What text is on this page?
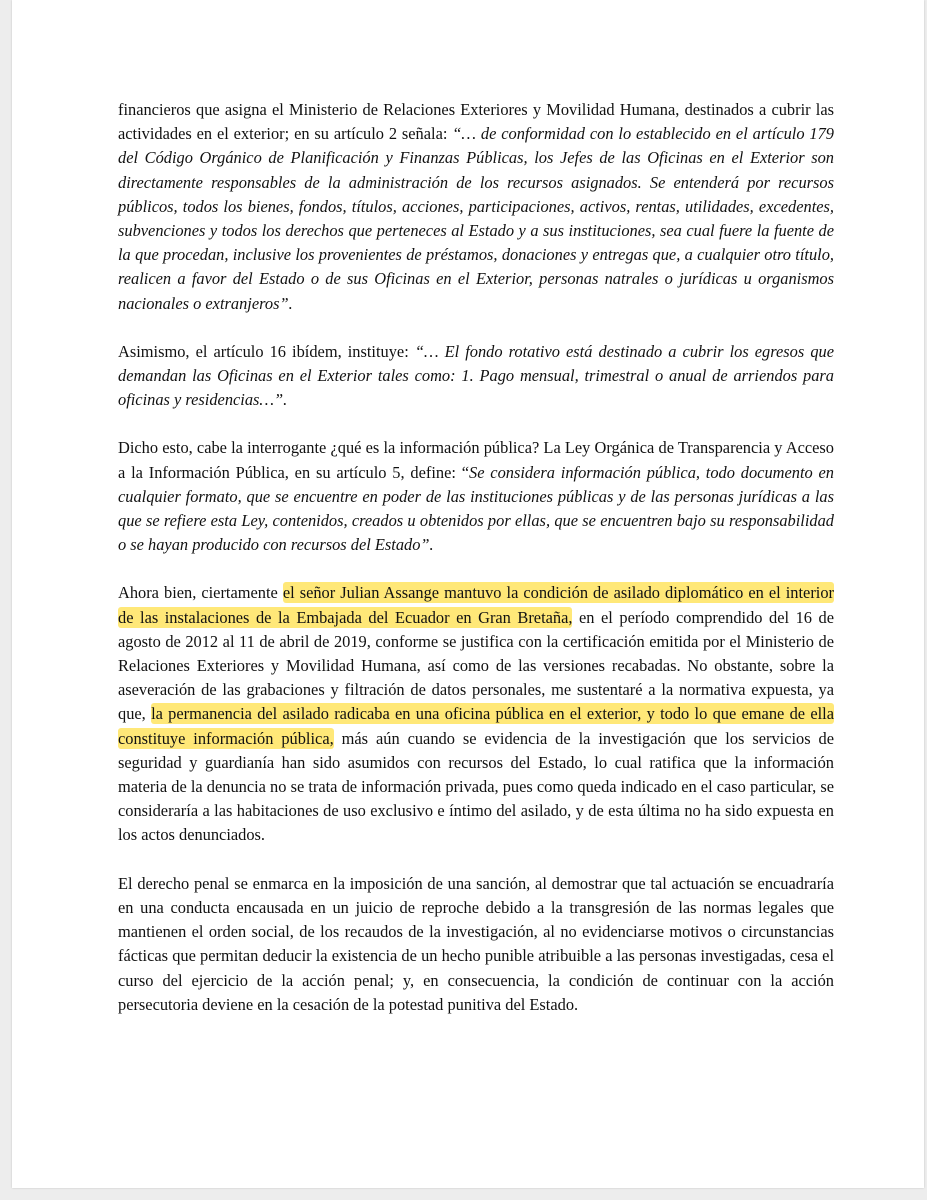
financieros que asigna el Ministerio de Relaciones Exteriores y Movilidad Humana, destinados a cubrir las actividades en el exterior; en su artículo 2 señala: “… de conformidad con lo establecido en el artículo 179 del Código Orgánico de Planificación y Finanzas Públicas, los Jefes de las Oficinas en el Exterior son directamente responsables de la administración de los recursos asignados. Se entenderá por recursos públicos, todos los bienes, fondos, títulos, acciones, participaciones, activos, rentas, utilidades, excedentes, subvenciones y todos los derechos que perteneces al Estado y a sus instituciones, sea cual fuere la fuente de la que procedan, inclusive los provenientes de préstamos, donaciones y entregas que, a cualquier otro título, realicen a favor del Estado o de sus Oficinas en el Exterior, personas natrales o jurídicas u organismos nacionales o extranjeros”.

Asimismo, el artículo 16 ibídem, instituye: “… El fondo rotativo está destinado a cubrir los egresos que demandan las Oficinas en el Exterior tales como: 1. Pago mensual, trimestral o anual de arriendos para oficinas y residencias…”.

Dicho esto, cabe la interrogante ¿qué es la información pública? La Ley Orgánica de Transparencia y Acceso a la Información Pública, en su artículo 5, define: “Se considera información pública, todo documento en cualquier formato, que se encuentre en poder de las instituciones públicas y de las personas jurídicas a las que se refiere esta Ley, contenidos, creados u obtenidos por ellas, que se encuentren bajo su responsabilidad o se hayan producido con recursos del Estado”.

Ahora bien, ciertamente el señor Julian Assange mantuvo la condición de asilado diplomático en el interior de las instalaciones de la Embajada del Ecuador en Gran Bretaña, en el período comprendido del 16 de agosto de 2012 al 11 de abril de 2019, conforme se justifica con la certificación emitida por el Ministerio de Relaciones Exteriores y Movilidad Humana, así como de las versiones recabadas. No obstante, sobre la aseveración de las grabaciones y filtración de datos personales, me sustentaré a la normativa expuesta, ya que, la permanencia del asilado radicaba en una oficina pública en el exterior, y todo lo que emane de ella constituye información pública, más aún cuando se evidencia de la investigación que los servicios de seguridad y guardianía han sido asumidos con recursos del Estado, lo cual ratifica que la información materia de la denuncia no se trata de información privada, pues como queda indicado en el caso particular, se consideraría a las habitaciones de uso exclusivo e íntimo del asilado, y de esta última no ha sido expuesta en los actos denunciados.

El derecho penal se enmarca en la imposición de una sanción, al demostrar que tal actuación se encuadraría en una conducta encausada en un juicio de reproche debido a la transgresión de las normas legales que mantienen el orden social, de los recaudos de la investigación, al no evidenciarse motivos o circunstancias fácticas que permitan deducir la existencia de un hecho punible atribuible a las personas investigadas, cesa el curso del ejercicio de la acción penal; y, en consecuencia, la condición de continuar con la acción persecutoria deviene en la cesación de la potestad punitiva del Estado.
